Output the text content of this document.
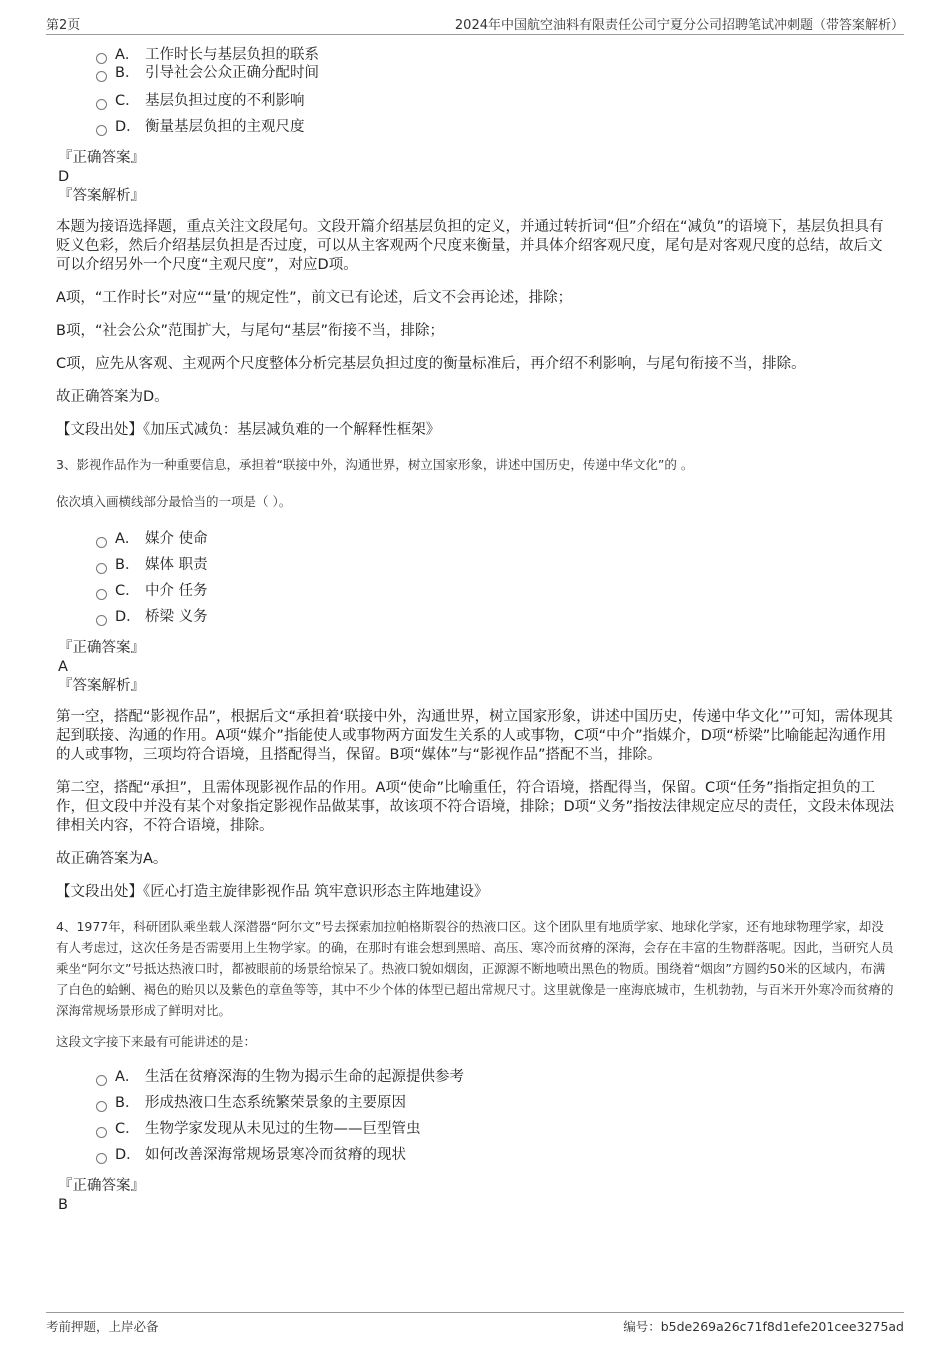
第2页	2024年中国航空油料有限责任公司宁夏分公司招聘笔试冲刺题（带答案解析）
A． 工作时长与基层负担的联系
B． 引导社会公众正确分配时间
C． 基层负担过度的不利影响
D． 衡量基层负担的主观尺度
『正确答案』
D
『答案解析』

本题为接语选择题，重点关注文段尾句。文段开篇介绍基层负担的定义，并通过转折词“但”介绍在“减负”的语境下，基层负担具有贬义色彩，然后介绍基层负担是否过度，可以从主客观两个尺度来衡量，并具体介绍客观尺度，尾句是对客观尺度的总结，故后文可以介绍另外一个尺度“主观尺度”，对应D项。

A项，“工作时长”对应““量’的规定性”，前文已有论述，后文不会再论述，排除；

B项，“社会公众”范围扩大，与尾句“基层”衔接不当，排除；

C项，应先从客观、主观两个尺度整体分析完基层负担过度的衡量标准后，再介绍不利影响，与尾句衔接不当，排除。

故正确答案为D。

【文段出处】《加压式减负：基层减负难的一个解释性框架》

3、影视作品作为一种重要信息，承担着“联接中外，沟通世界，树立国家形象，讲述中国历史，传递中华文化”的 。

依次填入画横线部分最恰当的一项是（ ）。

A． 媒介 使命
B． 媒体 职责
C． 中介 任务
D． 桥梁 义务
『正确答案』
A
『答案解析』

第一空，搭配“影视作品”，根据后文“承担着‘联接中外，沟通世界，树立国家形象，讲述中国历史，传递中华文化’”可知，需体现其起到联接、沟通的作用。A项“媒介”指能使人或事物两方面发生关系的人或事物，C项“中介”指媒介，D项“桥梁”比喻能起沟通作用的人或事物，三项均符合语境，且搭配得当，保留。B项“媒体”与“影视作品”搭配不当，排除。

第二空，搭配“承担”，且需体现影视作品的作用。A项“使命”比喻重任，符合语境，搭配得当，保留。C项“任务”指指定担负的工作，但文段中并没有某个对象指定影视作品做某事，故该项不符合语境，排除；D项“义务”指按法律规定应尽的责任，文段未体现法律相关内容，不符合语境，排除。

故正确答案为A。

【文段出处】《匠心打造主旋律影视作品 筑牢意识形态主阵地建设》

4、1977年，科研团队乘坐载人深潜器“阿尔文”号去探索加拉帕格斯裂谷的热液口区。这个团队里有地质学家、地球化学家，还有地球物理学家，却没有人考虑过，这次任务是否需要用上生物学家。的确，在那时有谁会想到黑暗、高压、寒冷而贫瘠的深海，会存在丰富的生物群落呢。因此，当研究人员乘坐“阿尔文”号抵达热液口时，都被眼前的场景给惊呆了。热液口貌如烟囱，正源源不断地喷出黑色的物质。围绕着“烟囱”方圆约50米的区域内，布满了白色的蛤蜊、褐色的贻贝以及紫色的章鱼等等，其中不少个体的体型已超出常规尺寸。这里就像是一座海底城市，生机勃勃，与百米开外寒冷而贫瘠的深海常规场景形成了鲜明对比。

这段文字接下来最有可能讲述的是：

A． 生活在贫瘠深海的生物为揭示生命的起源提供参考
B． 形成热液口生态系统繁荣景象的主要原因
C． 生物学家发现从未见过的生物——巨型管虫
D． 如何改善深海常规场景寒冷而贫瘠的现状
『正确答案』
B
考前押题，上岸必备	编号：b5de269a26c71f8d1efe201cee3275ad
